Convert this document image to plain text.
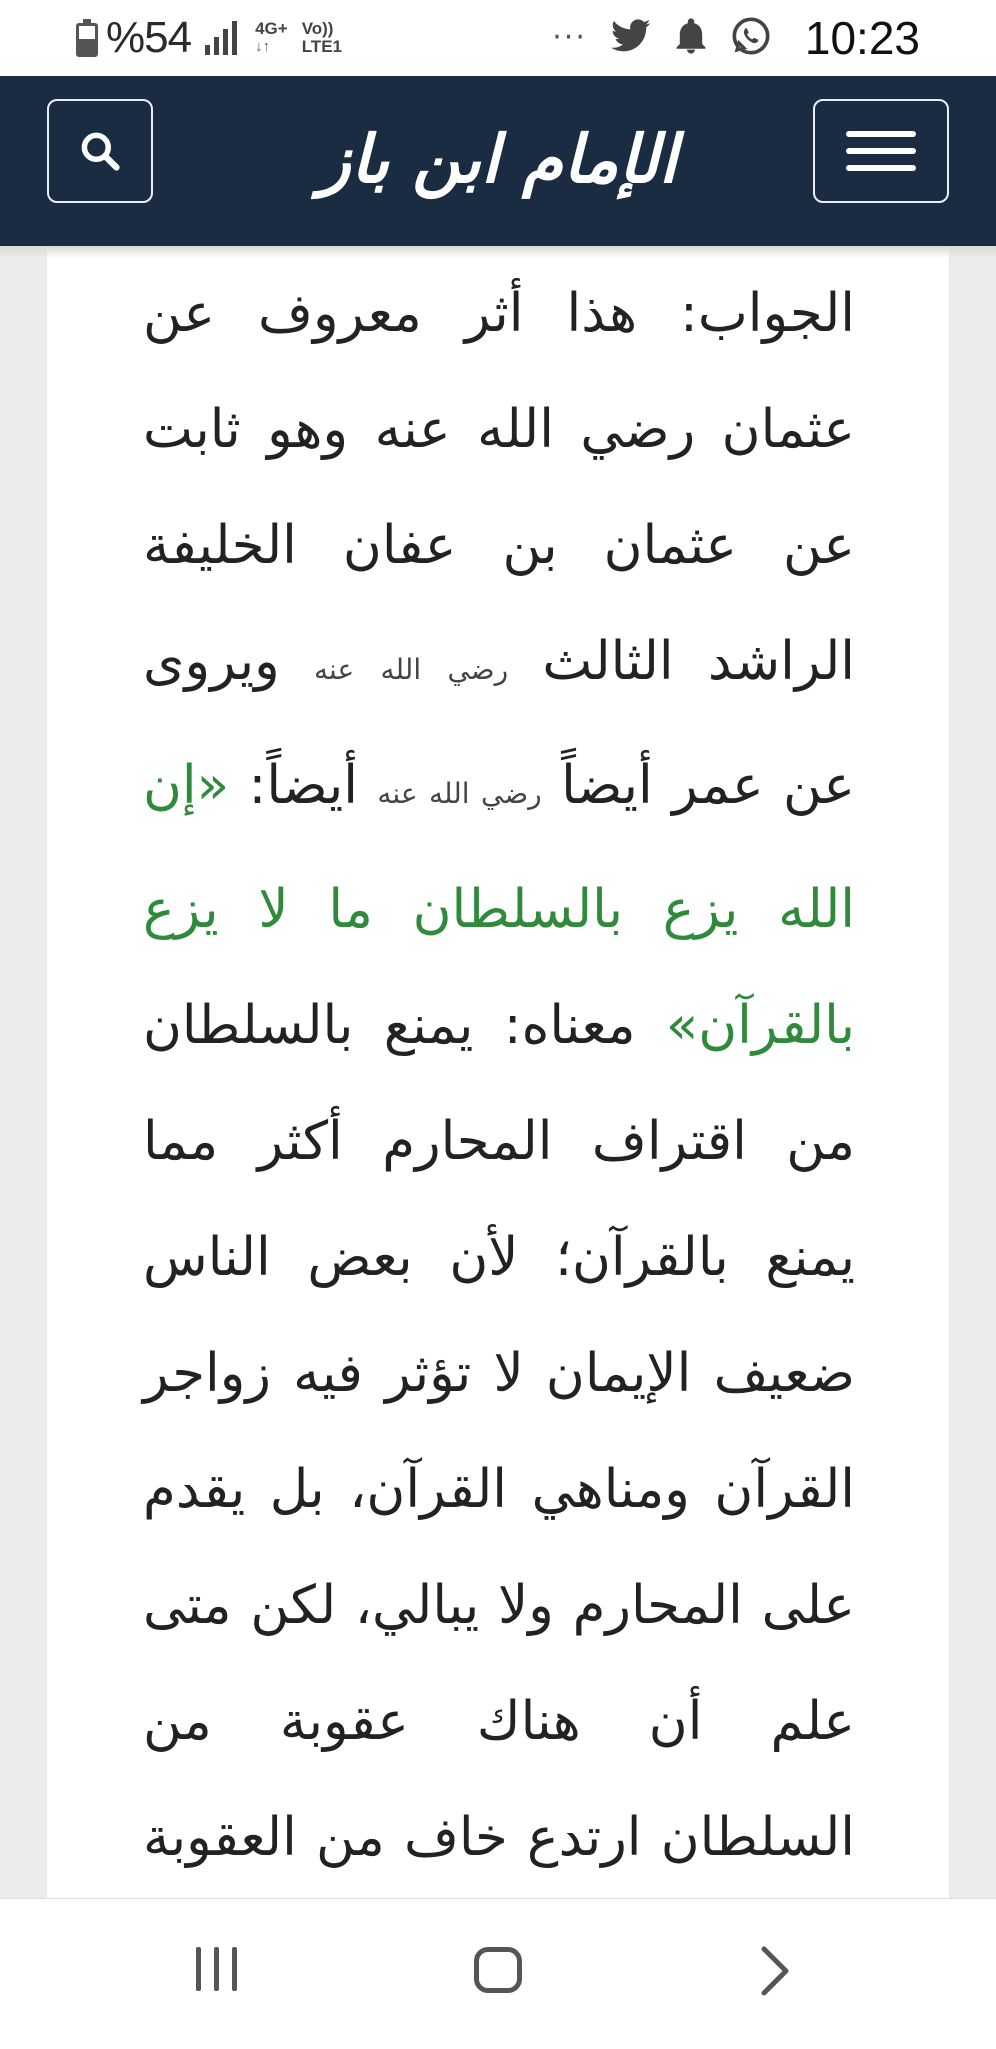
%54	4G+
↓↑
Vo))
LTE1	···	10:23
الإمام ابن باز
الجواب: هذا أثر معروف عن عثمان رضي الله عنه وهو ثابت عن عثمان بن عفان الخليفة الراشد الثالث رضي الله عنه ويروى عن عمر أيضاً رضي الله عنه أيضاً: «إن الله يزع بالسلطان ما لا يزع بالقرآن» معناه: يمنع بالسلطان من اقتراف المحارم أكثر مما يمنع بالقرآن؛ لأن بعض الناس ضعيف الإيمان لا تؤثر فيه زواجر القرآن ومناهي القرآن، بل يقدم على المحارم ولا يبالي، لكن متى علم أن هناك عقوبة من السلطان ارتدع خاف من العقوبة
